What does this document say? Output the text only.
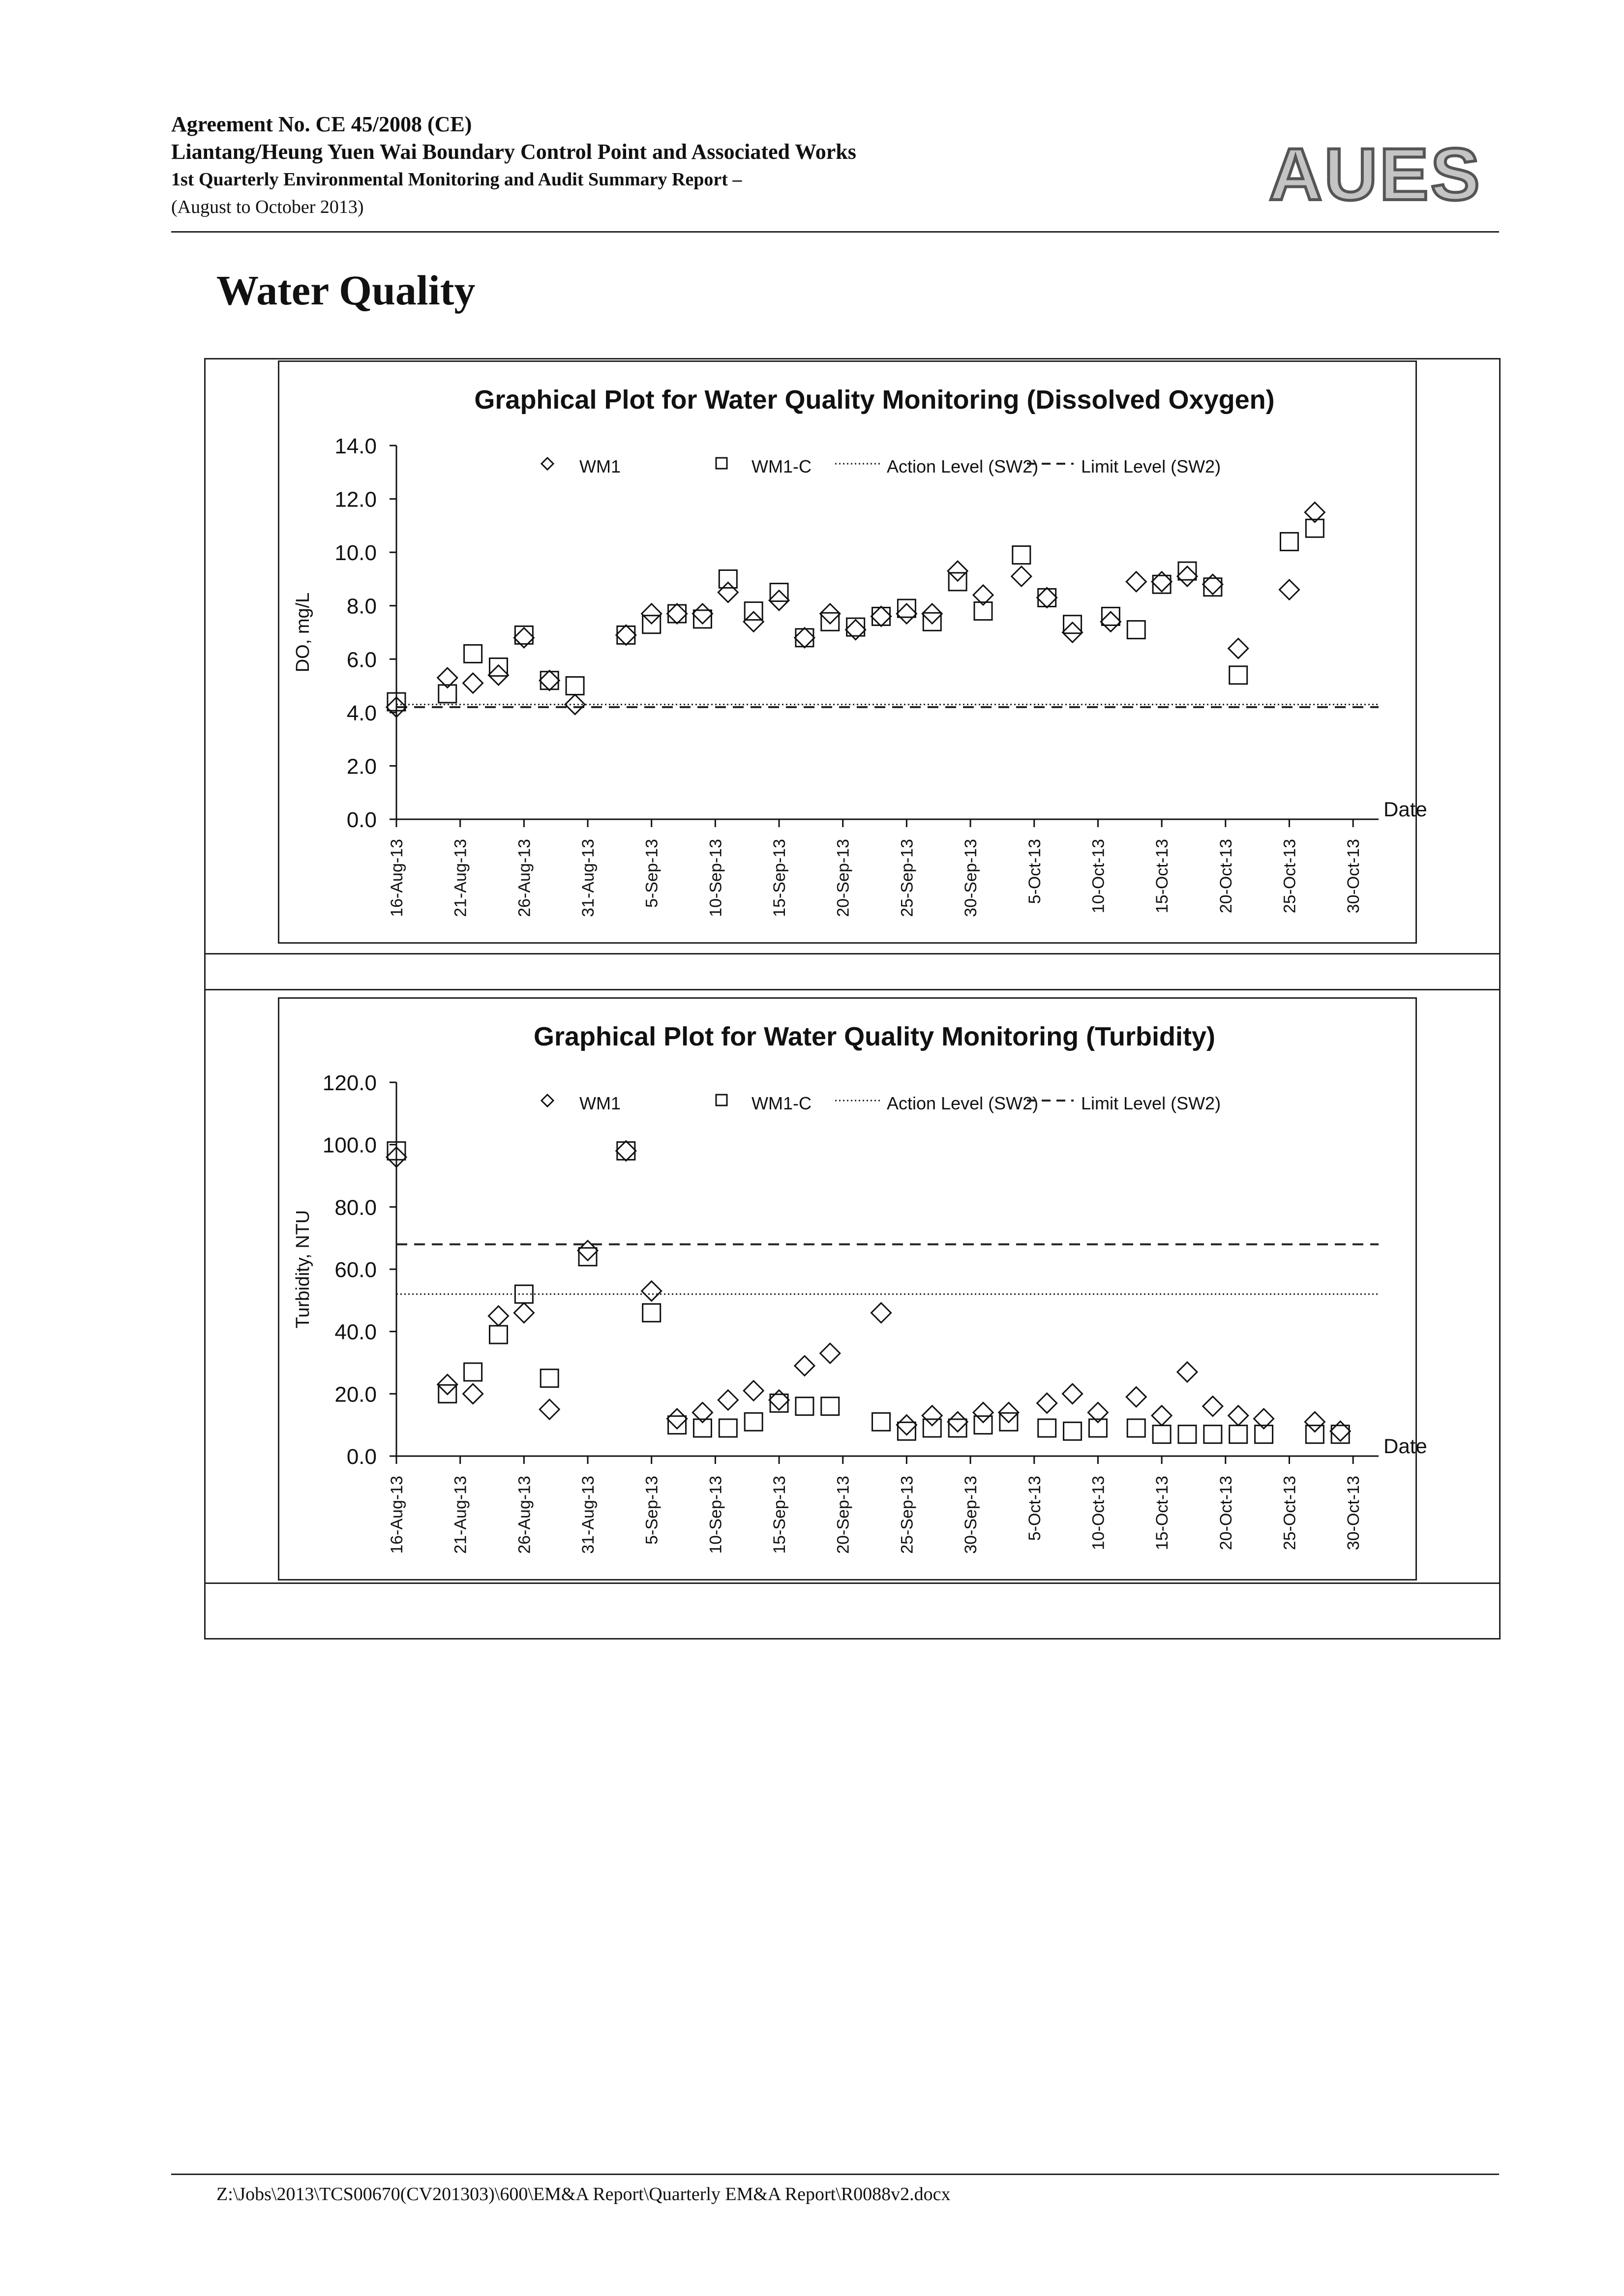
Agreement No. CE 45/2008 (CE)
Liantang/Heung Yuen Wai Boundary Control Point and Associated Works
1st Quarterly Environmental Monitoring and Audit Summary Report –
(August to October 2013)	AUES
Water Quality
Graphical Plot for Water Quality Monitoring (Dissolved Oxygen)
0.0
2.0
4.0
6.0
8.0
10.0
12.0
14.0
DO, mg/L
16-Aug-13	21-Aug-13	26-Aug-13	31-Aug-13	5-Sep-13	10-Sep-13	15-Sep-13	20-Sep-13	25-Sep-13	30-Sep-13	5-Oct-13	10-Oct-13	15-Oct-13	20-Oct-13	25-Oct-13	30-Oct-13
Date
WM1	WM1-C	Action Level (SW2) Limit Level (SW2)
Graphical Plot for Water Quality Monitoring (Turbidity)
0.0
20.0
40.0
60.0
80.0
100.0
120.0
Turbidity, NTU
16-Aug-13	21-Aug-13	26-Aug-13	31-Aug-13	5-Sep-13	10-Sep-13	15-Sep-13	20-Sep-13	25-Sep-13	30-Sep-13	5-Oct-13	10-Oct-13	15-Oct-13	20-Oct-13	25-Oct-13	30-Oct-13
Date
WM1	WM1-C	Action Level (SW2) Limit Level (SW2)
Z:\Jobs\2013\TCS00670(CV201303)\600\EM&A Report\Quarterly EM&A Report\R0088v2.docx
